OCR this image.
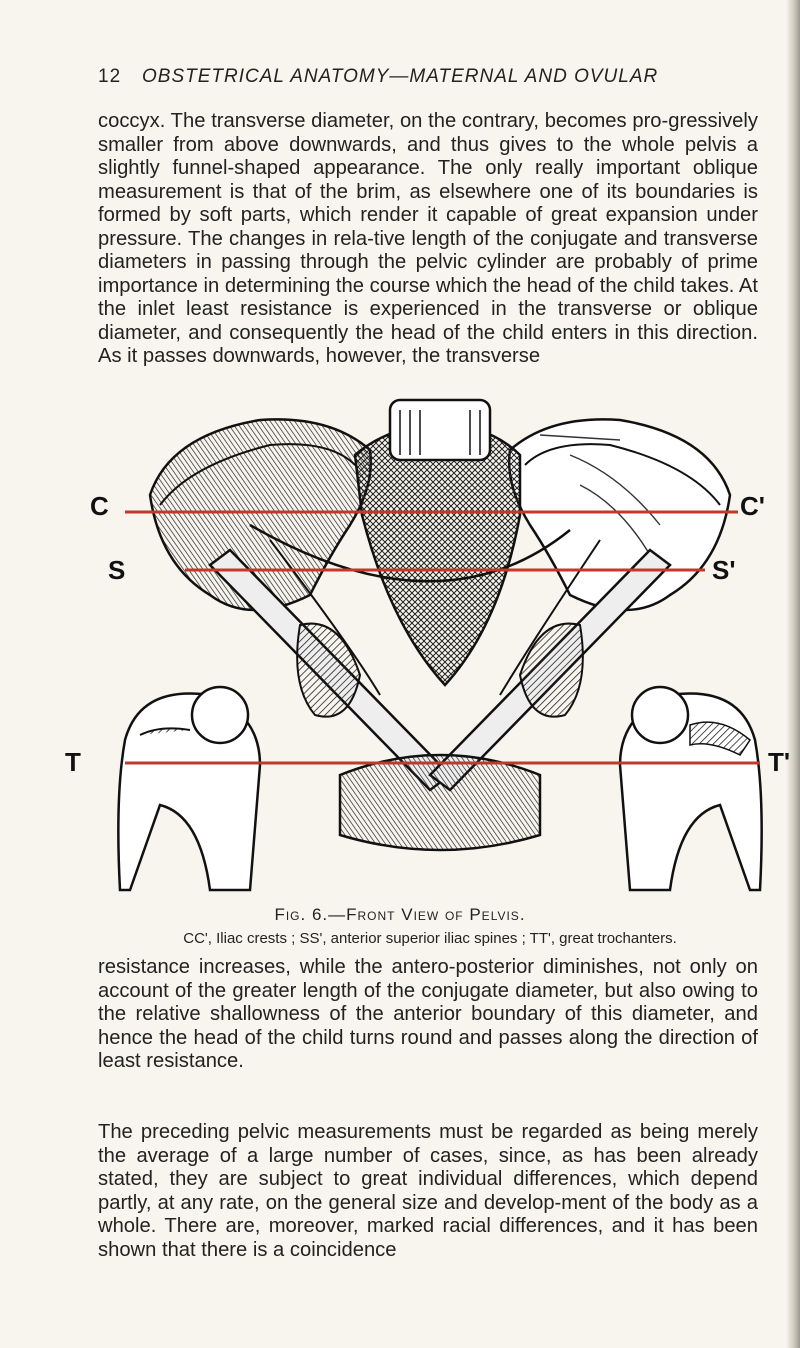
12 OBSTETRICAL ANATOMY—MATERNAL AND OVULAR

coccyx. The transverse diameter, on the contrary, becomes pro-gressively smaller from above downwards, and thus gives to the whole pelvis a slightly funnel-shaped appearance. The only really important oblique measurement is that of the brim, as elsewhere one of its boundaries is formed by soft parts, which render it capable of great expansion under pressure. The changes in rela-tive length of the conjugate and transverse diameters in passing through the pelvic cylinder are probably of prime importance in determining the course which the head of the child takes. At the inlet least resistance is experienced in the transverse or oblique diameter, and consequently the head of the child enters in this direction. As it passes downwards, however, the transverse

C	C'
S	S'
T	T'
Fig. 6.—Front View of Pelvis.
CC', Iliac crests ; SS', anterior superior iliac spines ; TT', great trochanters.

resistance increases, while the antero-posterior diminishes, not only on account of the greater length of the conjugate diameter, but also owing to the relative shallowness of the anterior boundary of this diameter, and hence the head of the child turns round and passes along the direction of least resistance.

The preceding pelvic measurements must be regarded as being merely the average of a large number of cases, since, as has been already stated, they are subject to great individual differences, which depend partly, at any rate, on the general size and develop-ment of the body as a whole. There are, moreover, marked racial differences, and it has been shown that there is a coincidence
